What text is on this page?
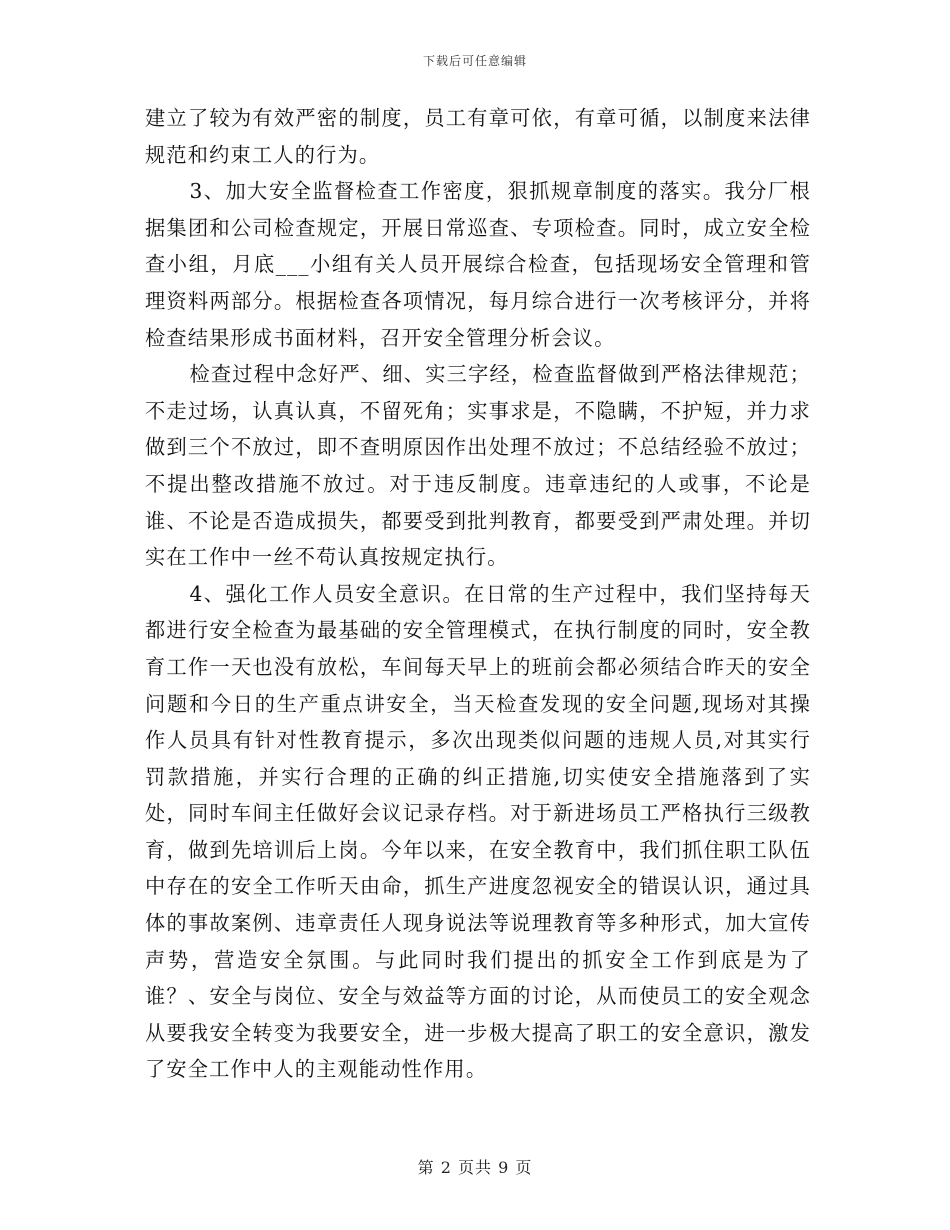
下载后可任意编辑

建立了较为有效严密的制度，员工有章可依，有章可循，以制度来法律规范和约束工人的行为。

3、加大安全监督检查工作密度，狠抓规章制度的落实。我分厂根据集团和公司检查规定，开展日常巡查、专项检查。同时，成立安全检查小组，月底___小组有关人员开展综合检查，包括现场安全管理和管理资料两部分。根据检查各项情况，每月综合进行一次考核评分，并将检查结果形成书面材料，召开安全管理分析会议。

检查过程中念好严、细、实三字经，检查监督做到严格法律规范；不走过场，认真认真，不留死角；实事求是，不隐瞒，不护短，并力求做到三个不放过，即不查明原因作出处理不放过；不总结经验不放过；不提出整改措施不放过。对于违反制度。违章违纪的人或事，不论是谁、不论是否造成损失，都要受到批判教育，都要受到严肃处理。并切实在工作中一丝不苟认真按规定执行。

4、强化工作人员安全意识。在日常的生产过程中，我们坚持每天都进行安全检查为最基础的安全管理模式，在执行制度的同时，安全教育工作一天也没有放松，车间每天早上的班前会都必须结合昨天的安全问题和今日的生产重点讲安全，当天检查发现的安全问题,现场对其操作人员具有针对性教育提示，多次出现类似问题的违规人员,对其实行罚款措施，并实行合理的正确的纠正措施,切实使安全措施落到了实处，同时车间主任做好会议记录存档。对于新进场员工严格执行三级教育，做到先培训后上岗。今年以来，在安全教育中，我们抓住职工队伍中存在的安全工作听天由命，抓生产进度忽视安全的错误认识，通过具体的事故案例、违章责任人现身说法等说理教育等多种形式，加大宣传声势，营造安全氛围。与此同时我们提出的抓安全工作到底是为了谁？、安全与岗位、安全与效益等方面的讨论，从而使员工的安全观念从要我安全转变为我要安全，进一步极大提高了职工的安全意识，激发了安全工作中人的主观能动性作用。

第 2 页共 9 页
